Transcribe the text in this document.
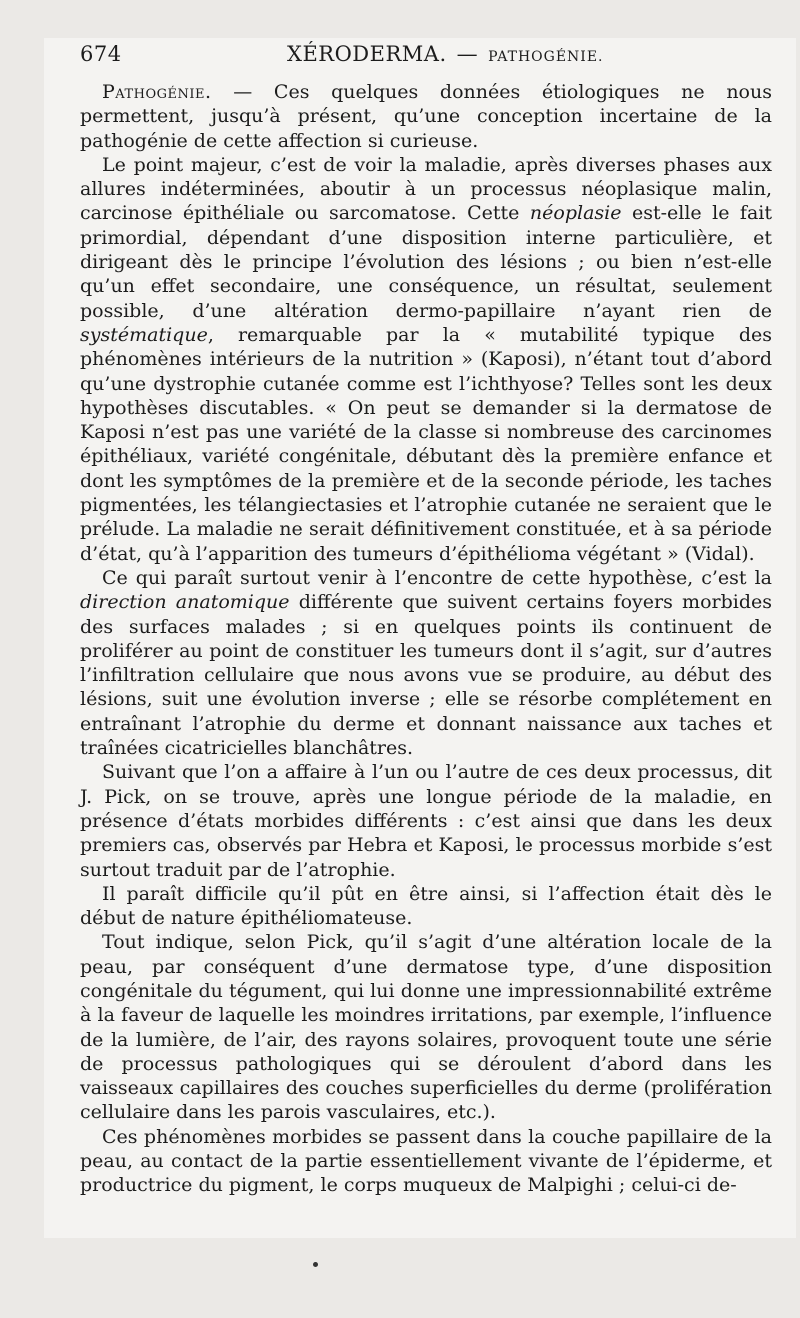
674	XÉRODERMA. — PATHOGÉNIE.

Pathogénie. — Ces quelques données étiologiques ne nous permettent, jusqu’à présent, qu’une conception incertaine de la pathogénie de cette affection si curieuse.

Le point majeur, c’est de voir la maladie, après diverses phases aux allures indéterminées, aboutir à un processus néoplasique malin, carcinose épithéliale ou sarcomatose. Cette néoplasie est-elle le fait primordial, dépendant d’une disposition interne particulière, et dirigeant dès le principe l’évolution des lésions ; ou bien n’est-elle qu’un effet secondaire, une conséquence, un résultat, seulement possible, d’une altération dermo-papillaire n’ayant rien de systématique, remarquable par la « mutabilité typique des phénomènes intérieurs de la nutrition » (Kaposi), n’étant tout d’abord qu’une dystrophie cutanée comme est l’ichthyose? Telles sont les deux hypothèses discutables. « On peut se demander si la dermatose de Kaposi n’est pas une variété de la classe si nombreuse des carcinomes épithéliaux, variété congénitale, débutant dès la première enfance et dont les symptômes de la première et de la seconde période, les taches pigmentées, les télangiectasies et l’atrophie cutanée ne seraient que le prélude. La maladie ne serait définitivement constituée, et à sa période d’état, qu’à l’apparition des tumeurs d’épithélioma végétant » (Vidal).

Ce qui paraît surtout venir à l’encontre de cette hypothèse, c’est la direction anatomique différente que suivent certains foyers morbides des surfaces malades ; si en quelques points ils continuent de proliférer au point de constituer les tumeurs dont il s’agit, sur d’autres l’infiltration cellulaire que nous avons vue se produire, au début des lésions, suit une évolution inverse ; elle se résorbe complétement en entraînant l’atrophie du derme et donnant naissance aux taches et traînées cicatricielles blanchâtres.

Suivant que l’on a affaire à l’un ou l’autre de ces deux processus, dit J. Pick, on se trouve, après une longue période de la maladie, en présence d’états morbides différents : c’est ainsi que dans les deux premiers cas, observés par Hebra et Kaposi, le processus morbide s’est surtout traduit par de l’atrophie.

Il paraît difficile qu’il pût en être ainsi, si l’affection était dès le début de nature épithéliomateuse.

Tout indique, selon Pick, qu’il s’agit d’une altération locale de la peau, par conséquent d’une dermatose type, d’une disposition congénitale du tégument, qui lui donne une impressionnabilité extrême à la faveur de laquelle les moindres irritations, par exemple, l’influence de la lumière, de l’air, des rayons solaires, provoquent toute une série de processus pathologiques qui se déroulent d’abord dans les vaisseaux capillaires des couches superficielles du derme (prolifération cellulaire dans les parois vasculaires, etc.).

Ces phénomènes morbides se passent dans la couche papillaire de la peau, au contact de la partie essentiellement vivante de l’épiderme, et productrice du pigment, le corps muqueux de Malpighi ; celui-ci de-
